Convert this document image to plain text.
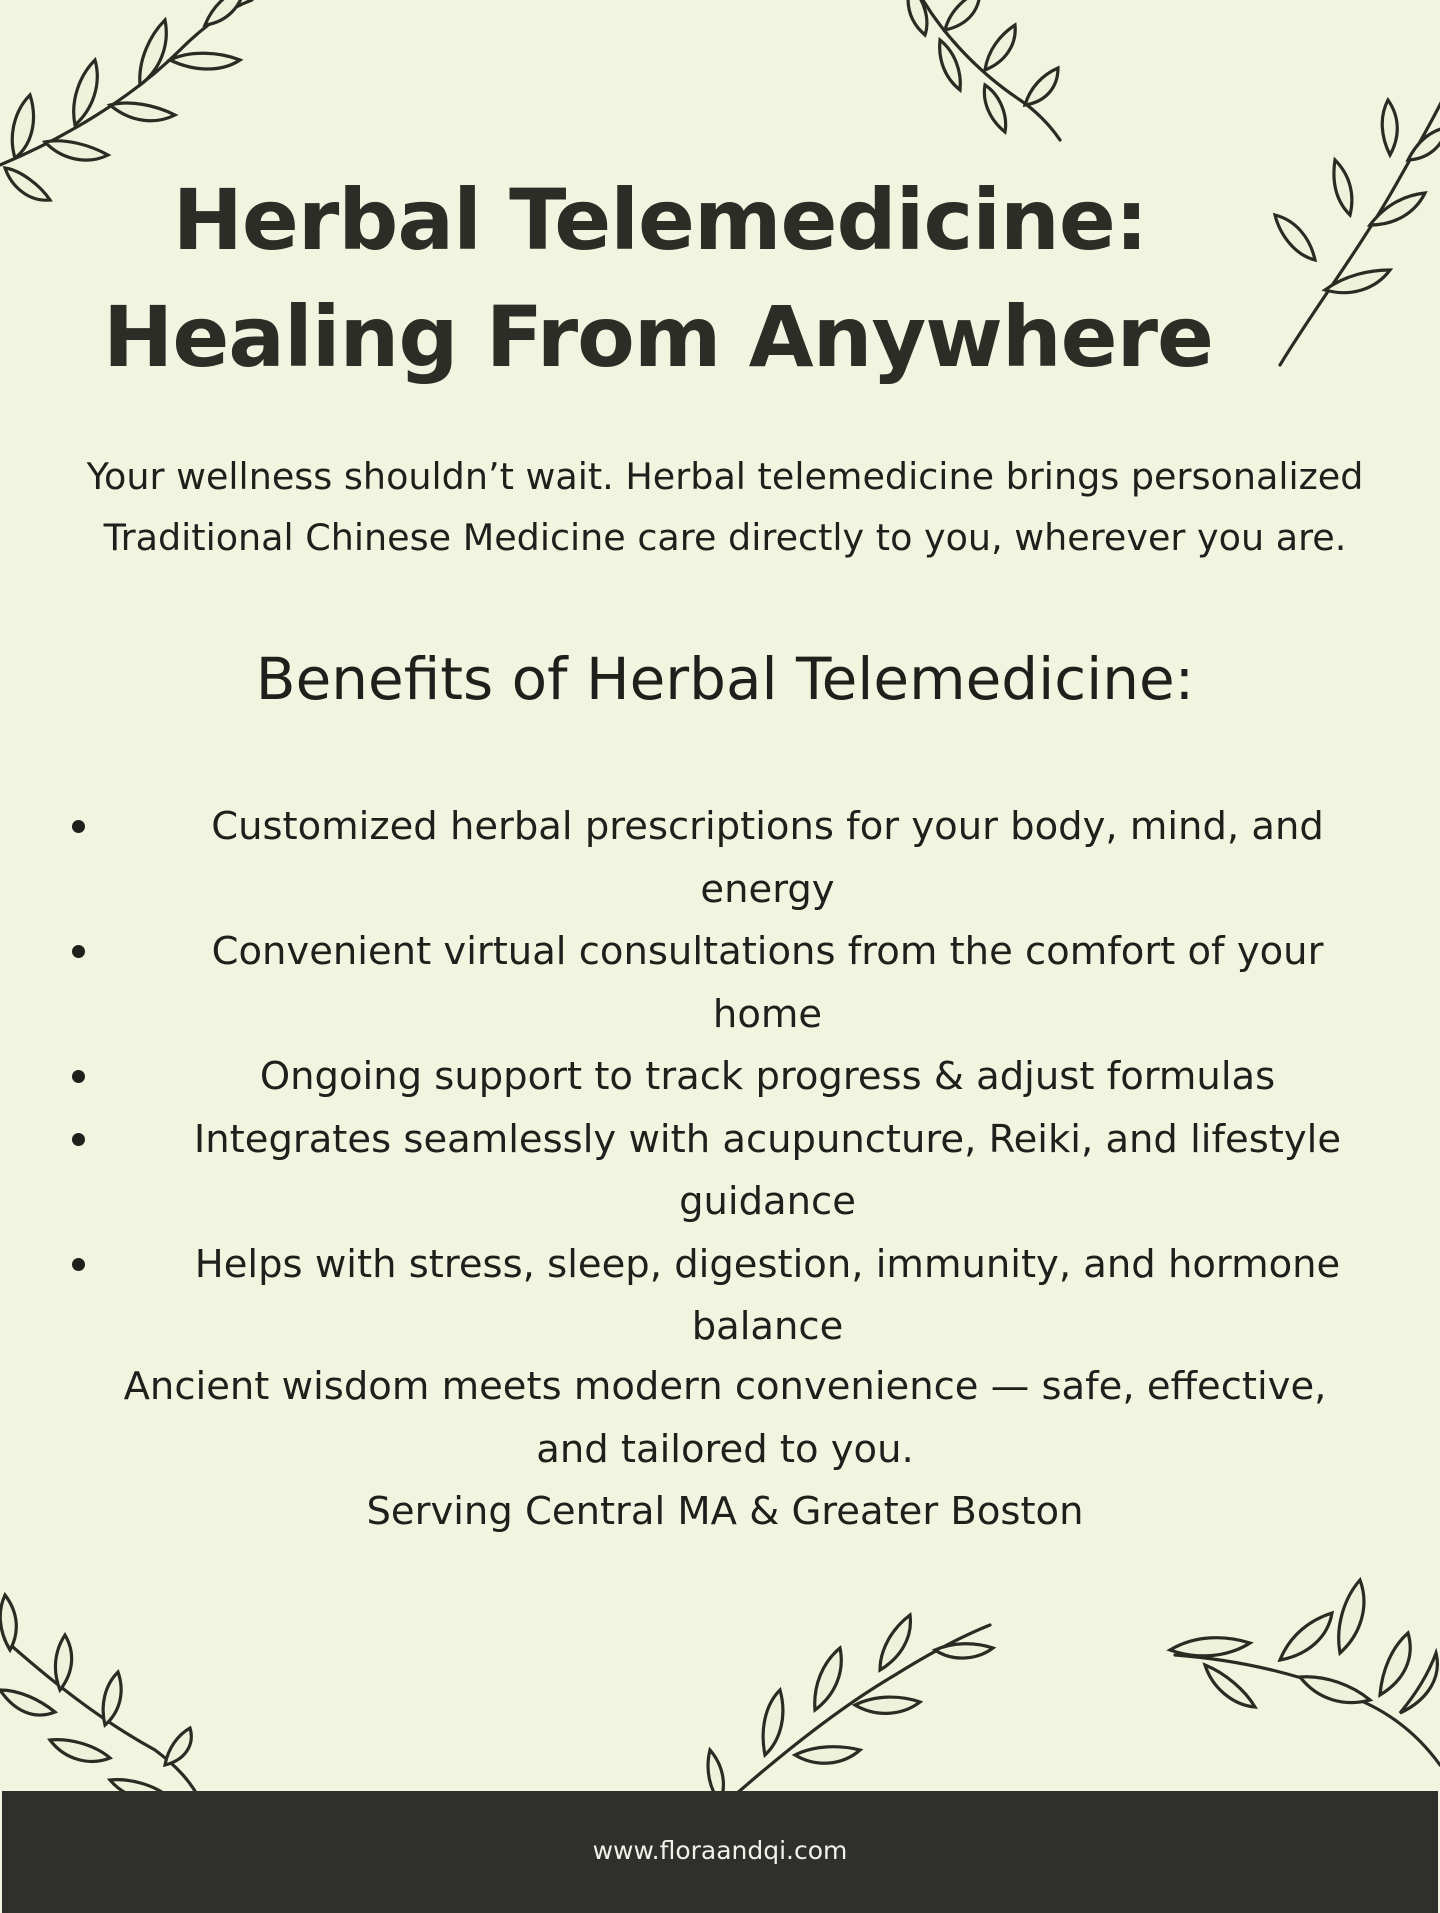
Herbal Telemedicine:
Healing From Anywhere

Your wellness shouldn’t wait. Herbal telemedicine brings personalized
Traditional Chinese Medicine care directly to you, wherever you are.

Benefits of Herbal Telemedicine:
Customized herbal prescriptions for your body, mind, and
energy
Convenient virtual consultations from the comfort of your
home
Ongoing support to track progress & adjust formulas
Integrates seamlessly with acupuncture, Reiki, and lifestyle
guidance
Helps with stress, sleep, digestion, immunity, and hormone
balance

Ancient wisdom meets modern convenience — safe, effective,
and tailored to you.

Serving Central MA & Greater Boston

www.floraandqi.com
